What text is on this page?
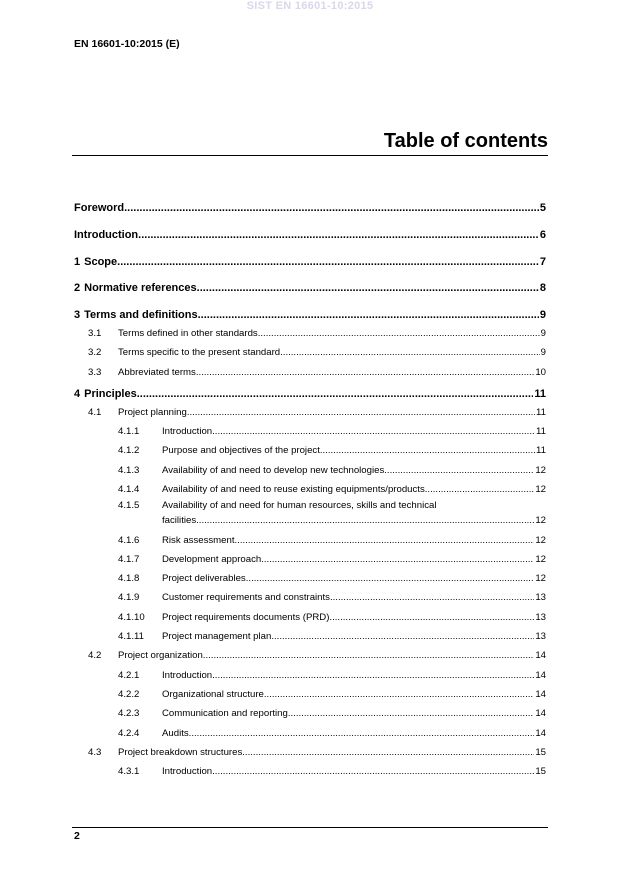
SIST EN 16601-10:2015
EN 16601-10:2015 (E)
Table of contents
Foreword .....	5
Introduction .....	6
1 Scope .....	7
2 Normative references .....	8
3 Terms and definitions .....	9
3.1	Terms defined in other standards .....	9
3.2	Terms specific to the present standard .....	9
3.3	Abbreviated terms .....	10
4 Principles .....	11
4.1	Project planning .....	11
4.1.1	Introduction .....	11
4.1.2	Purpose and objectives of the project .....	11
4.1.3	Availability of and need to develop new technologies .....	12
4.1.4	Availability of and need to reuse existing equipments/products .....	12
4.1.5	Availability of and need for human resources, skills and technical
facilities .....	12
4.1.6	Risk assessment .....	12
4.1.7	Development approach .....	12
4.1.8	Project deliverables .....	12
4.1.9	Customer requirements and constraints .....	13
4.1.10	Project requirements documents (PRD) .....	13
4.1.11	Project management plan .....	13
4.2	Project organization .....	14
4.2.1	Introduction .....	14
4.2.2	Organizational structure .....	14
4.2.3	Communication and reporting .....	14
4.2.4	Audits .....	14
4.3	Project breakdown structures .....	15
4.3.1	Introduction .....	15
2
